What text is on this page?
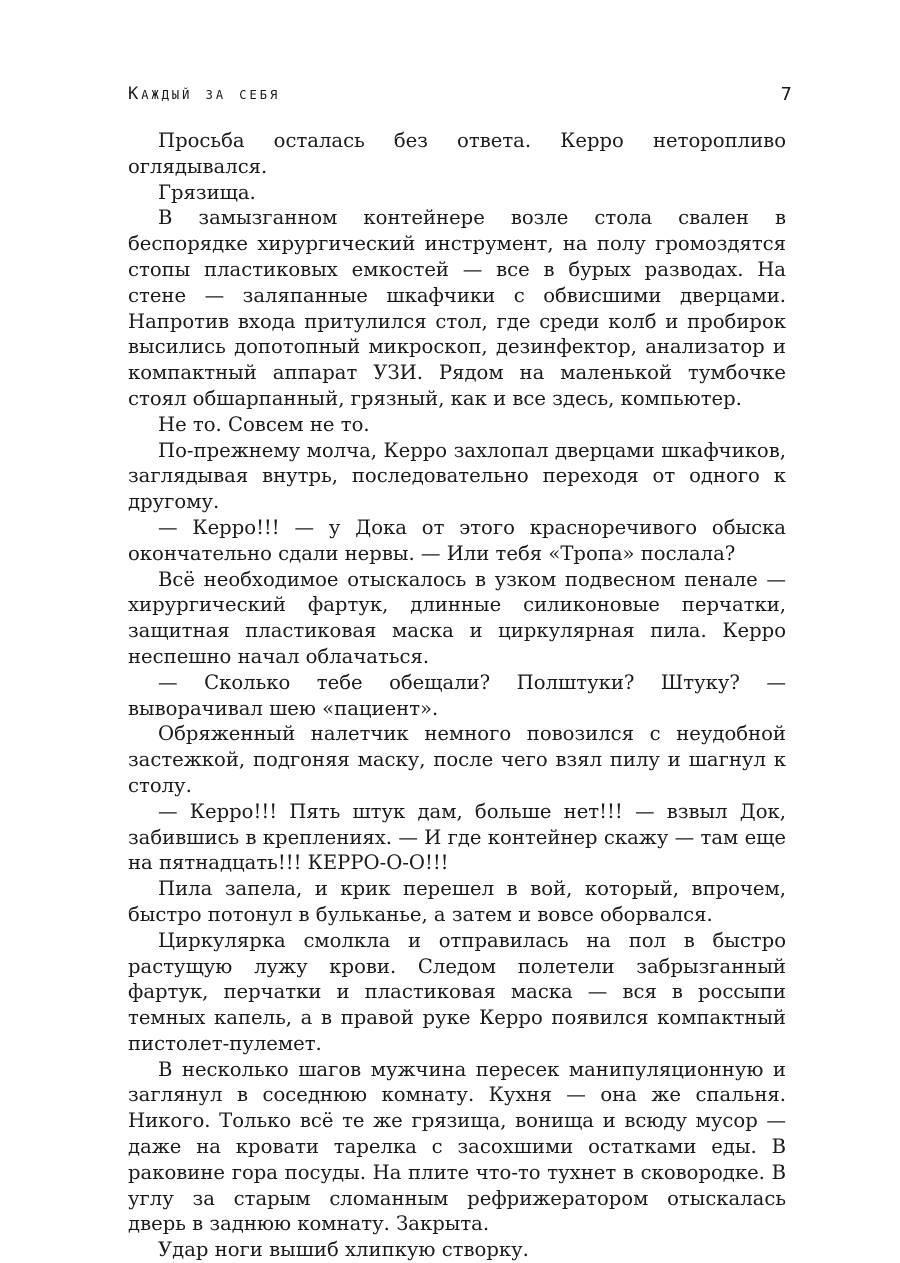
Каждый за себя	7

Просьба осталась без ответа. Керро неторопливо оглядывался.

Грязища.

В замызганном контейнере возле стола свален в беспорядке хирургический инструмент, на полу громоздятся стопы пластиковых емкостей — все в бурых разводах. На стене — заляпанные шкафчики с обвисшими дверцами. Напротив входа притулился стол, где среди колб и пробирок высились допотопный микроскоп, дезинфектор, анализатор и компактный аппарат УЗИ. Рядом на маленькой тумбочке стоял обшарпанный, грязный, как и все здесь, компьютер.

Не то. Совсем не то.

По-прежнему молча, Керро захлопал дверцами шкафчиков, заглядывая внутрь, последовательно переходя от одного к другому.

— Керро!!! — у Дока от этого красноречивого обыска окончательно сдали нервы. — Или тебя «Тропа» послала?

Всё необходимое отыскалось в узком подвесном пенале — хирургический фартук, длинные силиконовые перчатки, защитная пластиковая маска и циркулярная пила. Керро неспешно начал облачаться.

— Сколько тебе обещали? Полштуки? Штуку? — выворачивал шею «пациент».

Обряженный налетчик немного повозился с неудобной застежкой, подгоняя маску, после чего взял пилу и шагнул к столу.

— Керро!!! Пять штук дам, больше нет!!! — взвыл Док, забившись в креплениях. — И где контейнер скажу — там еще на пятнадцать!!! КЕРРО-О-О!!!

Пила запела, и крик перешел в вой, который, впрочем, быстро потонул в бульканье, а затем и вовсе оборвался.

Циркулярка смолкла и отправилась на пол в быстро растущую лужу крови. Следом полетели забрызганный фартук, перчатки и пластиковая маска — вся в россыпи темных капель, а в правой руке Керро появился компактный пистолет-пулемет.

В несколько шагов мужчина пересек манипуляционную и заглянул в соседнюю комнату. Кухня — она же спальня. Никого. Только всё те же грязища, вонища и всюду мусор — даже на кровати тарелка с засохшими остатками еды. В раковине гора посуды. На плите что-то тухнет в сковородке. В углу за старым сломанным рефрижератором отыскалась дверь в заднюю комнату. Закрыта.

Удар ноги вышиб хлипкую створку.
